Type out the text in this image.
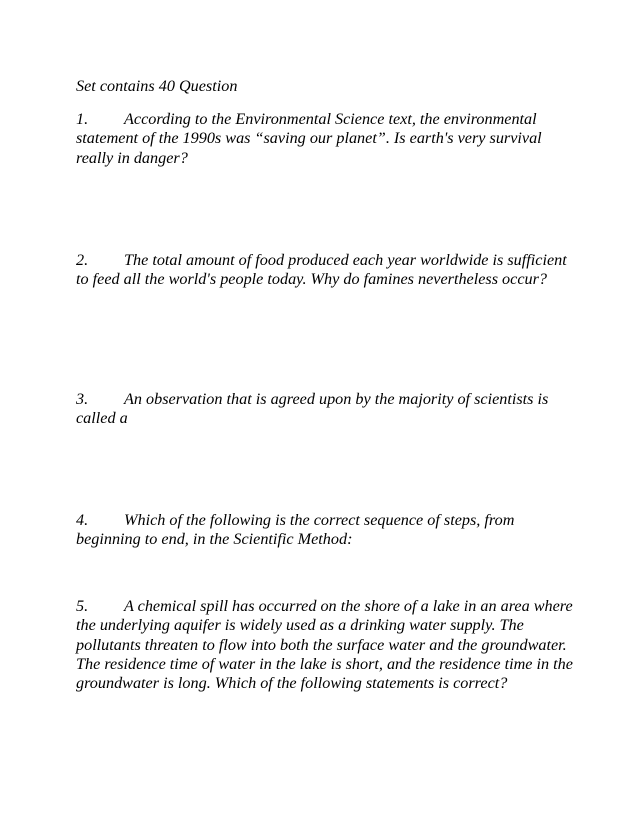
Set contains 40 Question

1. According to the Environmental Science text, the environmental statement of the 1990s was “saving our planet”. Is earth's very survival really in danger?

2. The total amount of food produced each year worldwide is sufficient to feed all the world's people today. Why do famines nevertheless occur?

3. An observation that is agreed upon by the majority of scientists is called a

4. Which of the following is the correct sequence of steps, from beginning to end, in the Scientific Method:

5. A chemical spill has occurred on the shore of a lake in an area where the underlying aquifer is widely used as a drinking water supply. The pollutants threaten to flow into both the surface water and the groundwater. The residence time of water in the lake is short, and the residence time in the groundwater is long. Which of the following statements is correct?
